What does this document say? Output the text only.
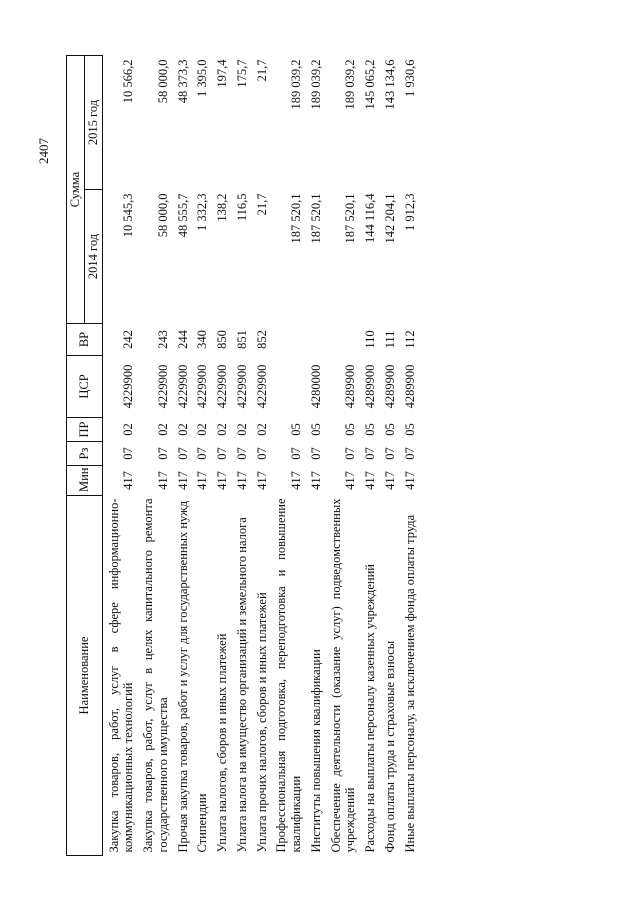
2407
Наименование	Мин	Рз	ПР	ЦСР	ВР	Сумма	
						2014 год	2015 год
Закупка товаров, работ, услуг в сфере информационно-коммуникационных технологий	417	07	02	4229900	242	10 545,3	10 566,2
Закупка товаров, работ, услуг в целях капитального ремонта государственного имущества	417	07	02	4229900	243	58 000,0	58 000,0
Прочая закупка товаров, работ и услуг для государственных нужд	417	07	02	4229900	244	48 555,7	48 373,3
Стипендии	417	07	02	4229900	340	1 332,3	1 395,0
Уплата налогов, сборов и иных платежей	417	07	02	4229900	850	138,2	197,4
Уплата налога на имущество организаций и земельного налога	417	07	02	4229900	851	116,5	175,7
Уплата прочих налогов, сборов и иных платежей	417	07	02	4229900	852	21,7	21,7
Профессиональная подготовка, переподготовка и повышение квалификации	417	07	05			187 520,1	189 039,2
Институты повышения квалификации	417	07	05	4280000		187 520,1	189 039,2
Обеспечение деятельности (оказание услуг) подведомственных учреждений	417	07	05	4289900		187 520,1	189 039,2
Расходы на выплаты персоналу казенных учреждений	417	07	05	4289900	110	144 116,4	145 065,2
Фонд оплаты труда и страховые взносы	417	07	05	4289900	111	142 204,1	143 134,6
Иные выплаты персоналу, за исключением фонда оплаты труда	417	07	05	4289900	112	1 912,3	1 930,6
